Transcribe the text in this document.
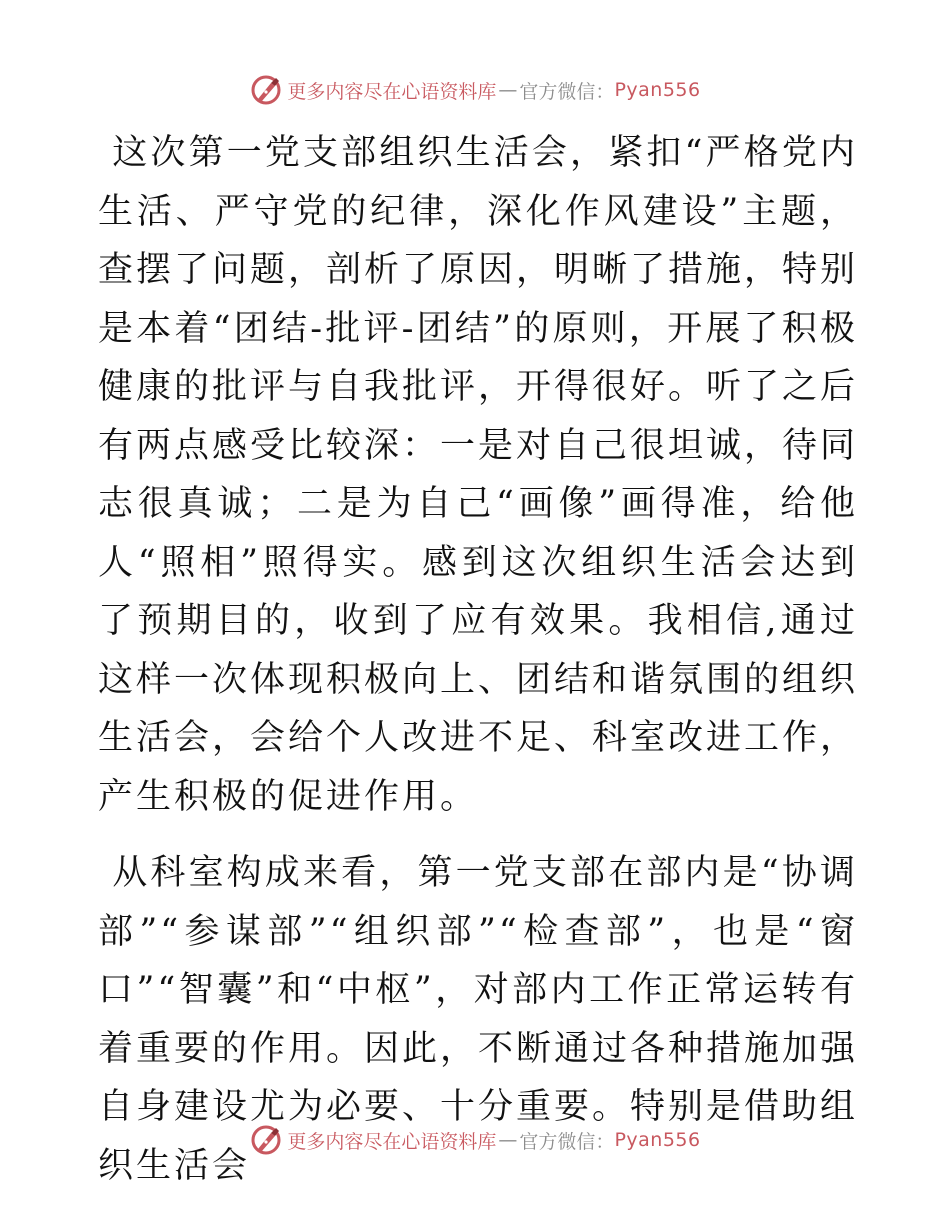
更多内容尽在心语资料库 — 官方微信： Pyan556

这次第一党支部组织生活会，紧扣“严格党内生活、严守党的纪律，深化作风建设”主题，查摆了问题，剖析了原因，明晰了措施，特别是本着“团结-批评-团结”的原则，开展了积极健康的批评与自我批评，开得很好。听了之后有两点感受比较深：一是对自己很坦诚，待同志很真诚；二是为自己“画像”画得准，给他人“照相”照得实。感到这次组织生活会达到了预期目的，收到了应有效果。我相信,通过这样一次体现积极向上、团结和谐氛围的组织生活会，会给个人改进不足、科室改进工作，产生积极的促进作用。

从科室构成来看，第一党支部在部内是“协调部”“参谋部”“组织部”“检查部”，也是“窗口”“智囊”和“中枢”，对部内工作正常运转有着重要的作用。因此，不断通过各种措施加强自身建设尤为必要、十分重要。特别是借助组织生活会

更多内容尽在心语资料库 — 官方微信： Pyan556
